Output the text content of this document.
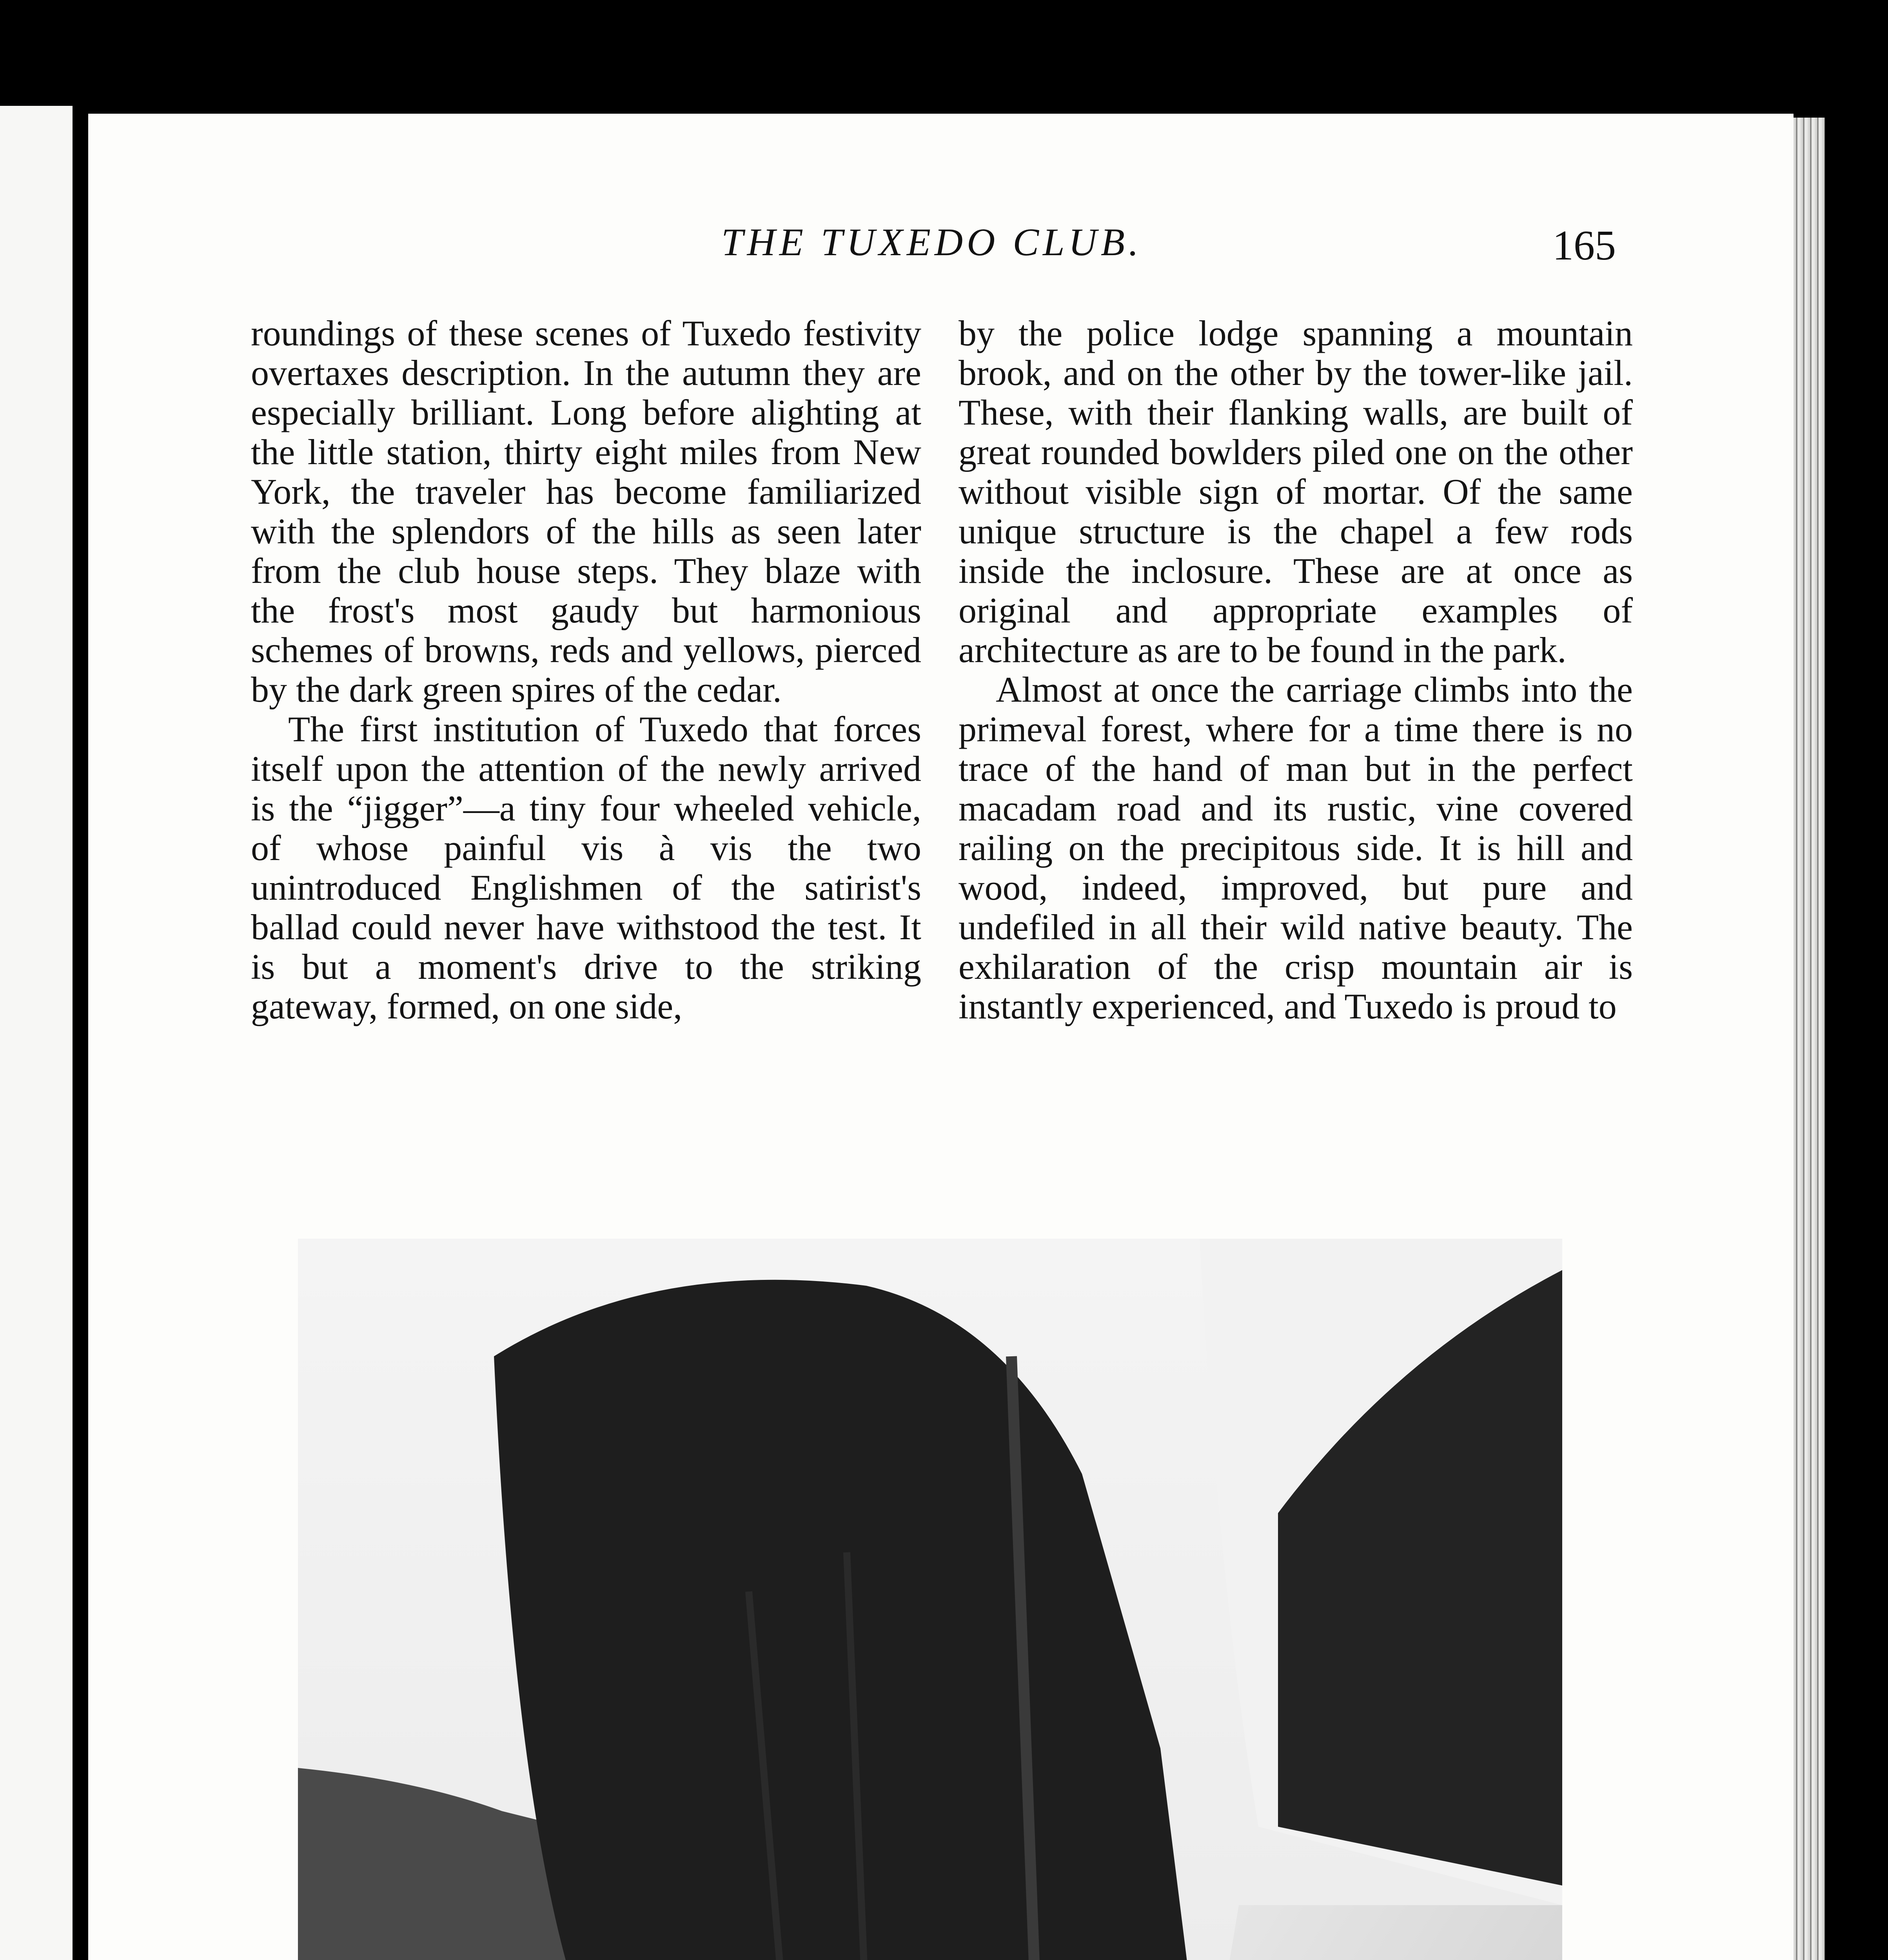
THE TUXEDO CLUB.	165

roundings of these scenes of Tuxedo festivity overtaxes description. In the autumn they are especially brilliant. Long before alighting at the little station, thirty eight miles from New York, the traveler has become familiarized with the splendors of the hills as seen later from the club house steps. They blaze with the frost's most gaudy but harmonious schemes of browns, reds and yellows, pierced by the dark green spires of the cedar.

The first institution of Tuxedo that forces itself upon the attention of the newly arrived is the “jigger”—a tiny four wheeled vehicle, of whose painful vis à vis the two unintroduced Englishmen of the satirist's ballad could never have withstood the test. It is but a moment's drive to the striking gateway, formed, on one side,

by the police lodge spanning a mountain brook, and on the other by the tower-like jail. These, with their flanking walls, are built of great rounded bowlders piled one on the other without visible sign of mortar. Of the same unique structure is the chapel a few rods inside the inclosure. These are at once as original and appropriate examples of architecture as are to be found in the park.

Almost at once the carriage climbs into the primeval forest, where for a time there is no trace of the hand of man but in the perfect macadam road and its rustic, vine covered railing on the precipitous side. It is hill and wood, indeed, improved, but pure and undefiled in all their wild native beauty. The exhilaration of the crisp mountain air is instantly experienced, and Tuxedo is proud to
